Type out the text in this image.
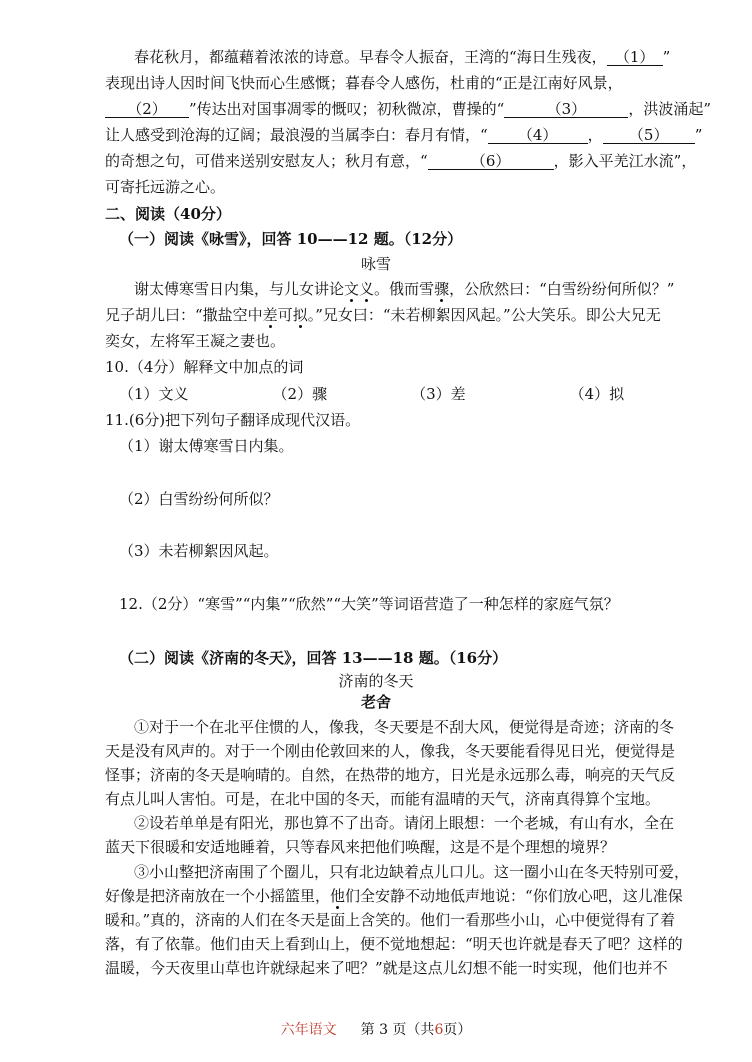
春花秋月，都蕴藉着浓浓的诗意。早春令人振奋，王湾的“海日生残夜， （1） ”
表现出诗人因时间飞快而心生感慨；暮春令人感伤，杜甫的“正是江南好风景，
（2） ”传达出对国事凋零的慨叹；初秋微凉，曹操的“	（3）	，洪波涌起”
让人感受到沧海的辽阔；最浪漫的当属李白：春月有情，“ （4） ， （5） ”
的奇想之句，可借来送别安慰友人；秋月有意，“	（6）	，影入平羌江水流”，
可寄托远游之心。
二、阅读（40分）
（一）阅读《咏雪》，回答 10——12 题。（12分）
咏雪
谢太傅寒雪日内集，与儿女讲论文义。俄而雪骤，公欣然曰：“白雪纷纷何所似？”
兄子胡儿曰：“撒盐空中差可拟。”兄女曰：“未若柳絮因风起。”公大笑乐。即公大兄无
奕女，左将军王凝之妻也。
10.（4分）解释文中加点的词
（1）文义	（2）骤	（3）差	（4）拟
11.(6分)把下列句子翻译成现代汉语。
（1）谢太傅寒雪日内集。
（2）白雪纷纷何所似？
（3）未若柳絮因风起。
12.（2分）“寒雪”“内集”“欣然”“大笑”等词语营造了一种怎样的家庭气氛？
（二）阅读《济南的冬天》，回答 13——18 题。（16分）
济南的冬天
老舍
①对于一个在北平住惯的人，像我，冬天要是不刮大风，便觉得是奇迹；济南的冬
天是没有风声的。对于一个刚由伦敦回来的人，像我，冬天要能看得见日光，便觉得是
怪事；济南的冬天是响晴的。自然，在热带的地方，日光是永远那么毒，响亮的天气反
有点儿叫人害怕。可是，在北中国的冬天，而能有温晴的天气，济南真得算个宝地。
②设若单单是有阳光，那也算不了出奇。请闭上眼想：一个老城，有山有水，全在
蓝天下很暖和安适地睡着，只等春风来把他们唤醒，这是不是个理想的境界？
③小山整把济南围了个圈儿，只有北边缺着点儿口儿。这一圈小山在冬天特别可爱，
好像是把济南放在一个小摇篮里，他们全安静不动地低声地说：“你们放心吧，这儿准保
暖和。”真的，济南的人们在冬天是面上含笑的。他们一看那些小山，心中便觉得有了着
落，有了依靠。他们由天上看到山上，便不觉地想起：“明天也许就是春天了吧？这样的
温暖，今天夜里山草也许就绿起来了吧？”就是这点儿幻想不能一时实现，他们也并不
六年语文 第 3 页（共6页）
